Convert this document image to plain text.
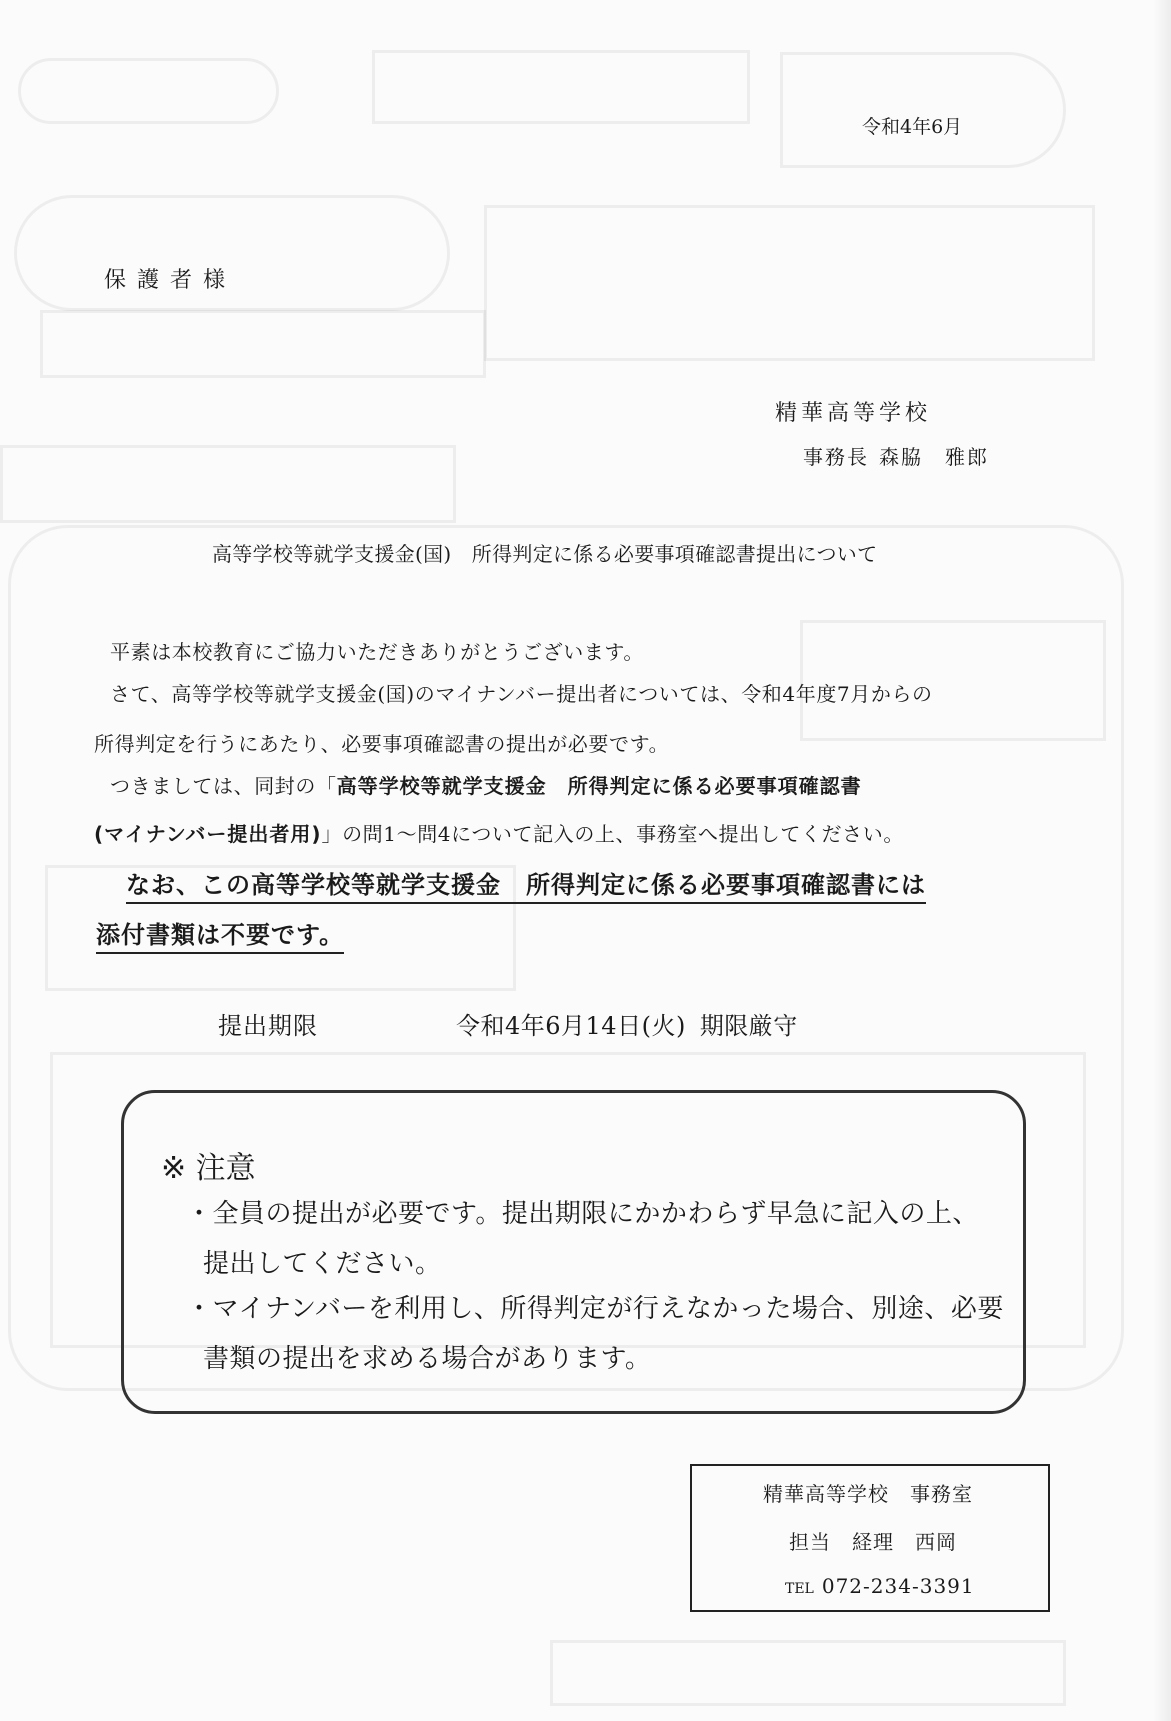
令和4年6月
保護者様
精華高等学校
事務長 森脇　雅郎
高等学校等就学支援金(国)　所得判定に係る必要事項確認書提出について
平素は本校教育にご協力いただきありがとうございます。
さて、高等学校等就学支援金(国)のマイナンバー提出者については、令和4年度7月からの
所得判定を行うにあたり、必要事項確認書の提出が必要です。
つきましては、同封の「高等学校等就学支援金　所得判定に係る必要事項確認書
(マイナンバー提出者用)」の問1～問4について記入の上、事務室へ提出してください。
なお、この高等学校等就学支援金　所得判定に係る必要事項確認書には
添付書類は不要です。
提出期限	令和4年6月14日(火) 期限厳守
※ 注意
・全員の提出が必要です。提出期限にかかわらず早急に記入の上、
提出してください。
・マイナンバーを利用し、所得判定が行えなかった場合、別途、必要
書類の提出を求める場合があります。
精華高等学校　事務室
担当　経理　西岡
TEL 072-234-3391
